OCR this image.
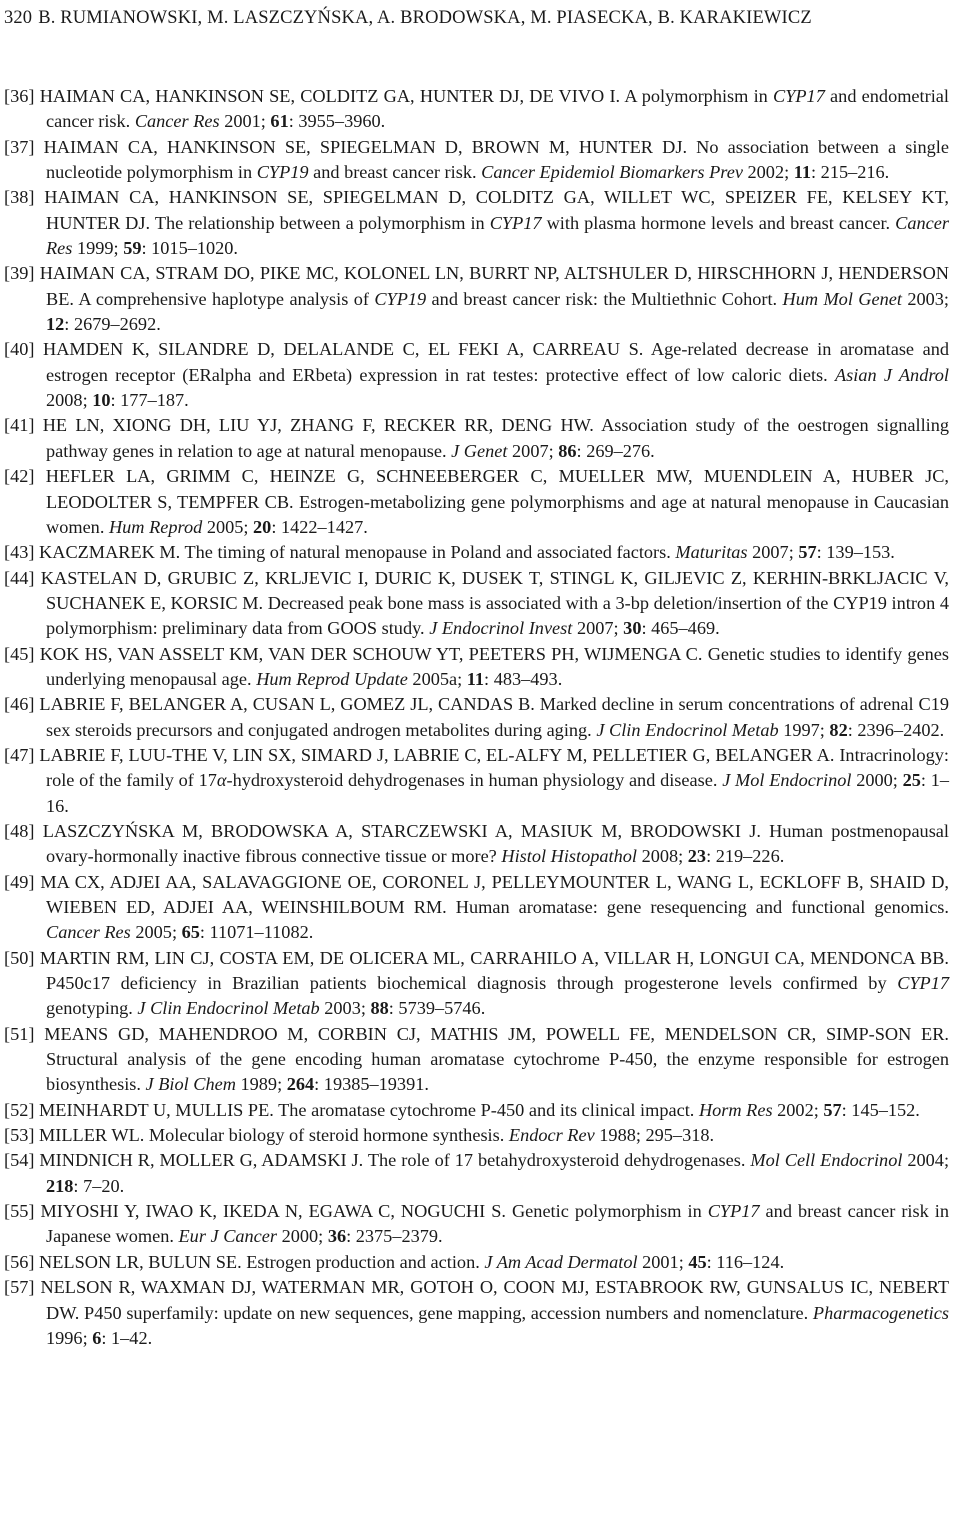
320 B. RUMIANOWSKI, M. LASZCZYŃSKA, A. BRODOWSKA, M. PIASECKA, B. KARAKIEWICZ
[36] HAIMAN CA, HANKINSON SE, COLDITZ GA, HUNTER DJ, DE VIVO I. A polymorphism in CYP17 and endometrial cancer risk. Cancer Res 2001; 61: 3955–3960.
[37] HAIMAN CA, HANKINSON SE, SPIEGELMAN D, BROWN M, HUNTER DJ. No association between a single nucleotide polymorphism in CYP19 and breast cancer risk. Cancer Epidemiol Biomarkers Prev 2002; 11: 215–216.
[38] HAIMAN CA, HANKINSON SE, SPIEGELMAN D, COLDITZ GA, WILLET WC, SPEIZER FE, KELSEY KT, HUNTER DJ. The relationship between a polymorphism in CYP17 with plasma hormone levels and breast cancer. Cancer Res 1999; 59: 1015–1020.
[39] HAIMAN CA, STRAM DO, PIKE MC, KOLONEL LN, BURRT NP, ALTSHULER D, HIRSCHHORN J, HENDERSON BE. A comprehensive haplotype analysis of CYP19 and breast cancer risk: the Multiethnic Cohort. Hum Mol Genet 2003; 12: 2679–2692.
[40] HAMDEN K, SILANDRE D, DELALANDE C, EL FEKI A, CARREAU S. Age-related decrease in aromatase and estrogen receptor (ERalpha and ERbeta) expression in rat testes: protective effect of low caloric diets. Asian J Androl 2008; 10: 177–187.
[41] HE LN, XIONG DH, LIU YJ, ZHANG F, RECKER RR, DENG HW. Association study of the oestrogen signalling pathway genes in relation to age at natural menopause. J Genet 2007; 86: 269–276.
[42] HEFLER LA, GRIMM C, HEINZE G, SCHNEEBERGER C, MUELLER MW, MUENDLEIN A, HUBER JC, LEODOLTER S, TEMPFER CB. Estrogen-metabolizing gene polymorphisms and age at natural menopause in Caucasian women. Hum Reprod 2005; 20: 1422–1427.
[43] KACZMAREK M. The timing of natural menopause in Poland and associated factors. Maturitas 2007; 57: 139–153.
[44] KASTELAN D, GRUBIC Z, KRLJEVIC I, DURIC K, DUSEK T, STINGL K, GILJEVIC Z, KERHIN-BRKLJACIC V, SUCHANEK E, KORSIC M. Decreased peak bone mass is associated with a 3-bp deletion/insertion of the CYP19 intron 4 polymorphism: preliminary data from GOOS study. J Endocrinol Invest 2007; 30: 465–469.
[45] KOK HS, VAN ASSELT KM, VAN DER SCHOUW YT, PEETERS PH, WIJMENGA C. Genetic studies to identify genes underlying menopausal age. Hum Reprod Update 2005a; 11: 483–493.
[46] LABRIE F, BELANGER A, CUSAN L, GOMEZ JL, CANDAS B. Marked decline in serum concentrations of adrenal C19 sex steroids precursors and conjugated androgen metabolites during aging. J Clin Endocrinol Metab 1997; 82: 2396–2402.
[47] LABRIE F, LUU-THE V, LIN SX, SIMARD J, LABRIE C, EL-ALFY M, PELLETIER G, BELANGER A. Intracrinology: role of the family of 17α-hydroxysteroid dehydrogenases in human physiology and disease. J Mol Endocrinol 2000; 25: 1–16.
[48] LASZCZYŃSKA M, BRODOWSKA A, STARCZEWSKI A, MASIUK M, BRODOWSKI J. Human postmenopausal ovary-hormonally inactive fibrous connective tissue or more? Histol Histopathol 2008; 23: 219–226.
[49] MA CX, ADJEI AA, SALAVAGGIONE OE, CORONEL J, PELLEYMOUNTER L, WANG L, ECKLOFF B, SHAID D, WIEBEN ED, ADJEI AA, WEINSHILBOUM RM. Human aromatase: gene resequencing and functional genomics. Cancer Res 2005; 65: 11071–11082.
[50] MARTIN RM, LIN CJ, COSTA EM, DE OLICERA ML, CARRAHILO A, VILLAR H, LONGUI CA, MENDONCA BB. P450c17 deficiency in Brazilian patients biochemical diagnosis through progesterone levels confirmed by CYP17 genotyping. J Clin Endocrinol Metab 2003; 88: 5739–5746.
[51] MEANS GD, MAHENDROO M, CORBIN CJ, MATHIS JM, POWELL FE, MENDELSON CR, SIMP-SON ER. Structural analysis of the gene encoding human aromatase cytochrome P-450, the enzyme responsible for estrogen biosynthesis. J Biol Chem 1989; 264: 19385–19391.
[52] MEINHARDT U, MULLIS PE. The aromatase cytochrome P-450 and its clinical impact. Horm Res 2002; 57: 145–152.
[53] MILLER WL. Molecular biology of steroid hormone synthesis. Endocr Rev 1988; 295–318.
[54] MINDNICH R, MOLLER G, ADAMSKI J. The role of 17 betahydroxysteroid dehydrogenases. Mol Cell Endocrinol 2004; 218: 7–20.
[55] MIYOSHI Y, IWAO K, IKEDA N, EGAWA C, NOGUCHI S. Genetic polymorphism in CYP17 and breast cancer risk in Japanese women. Eur J Cancer 2000; 36: 2375–2379.
[56] NELSON LR, BULUN SE. Estrogen production and action. J Am Acad Dermatol 2001; 45: 116–124.
[57] NELSON R, WAXMAN DJ, WATERMAN MR, GOTOH O, COON MJ, ESTABROOK RW, GUNSALUS IC, NEBERT DW. P450 superfamily: update on new sequences, gene mapping, accession numbers and nomenclature. Pharmacogenetics 1996; 6: 1–42.
